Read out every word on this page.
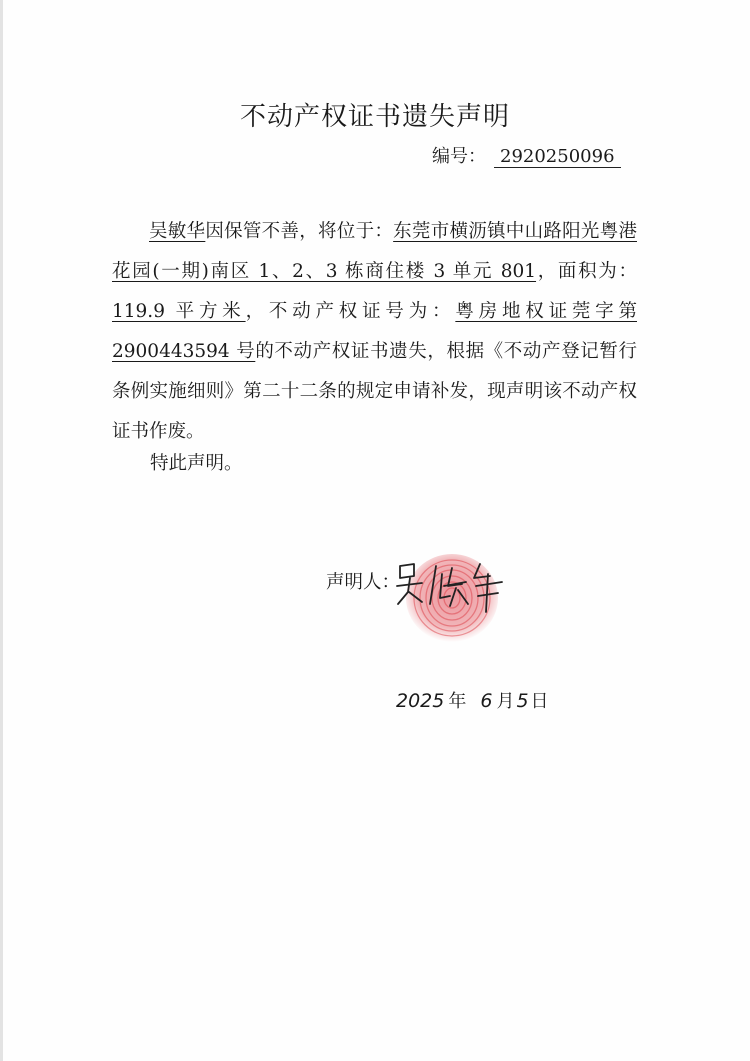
不动产权证书遗失声明
编号： 2920250096
吴敏华因保管不善，将位于：东莞市横沥镇中山路阳光粤港花园(一期)南区 1、2、3 栋商住楼 3 单元 801，面积为：119.9 平方米，不动产权证号为：粤房地权证莞字第 2900443594 号的不动产权证书遗失，根据《不动产登记暂行条例实施细则》第二十二条的规定申请补发，现声明该不动产权证书作废。
特此声明。
声明人：
2025 年 6 月 5 日
